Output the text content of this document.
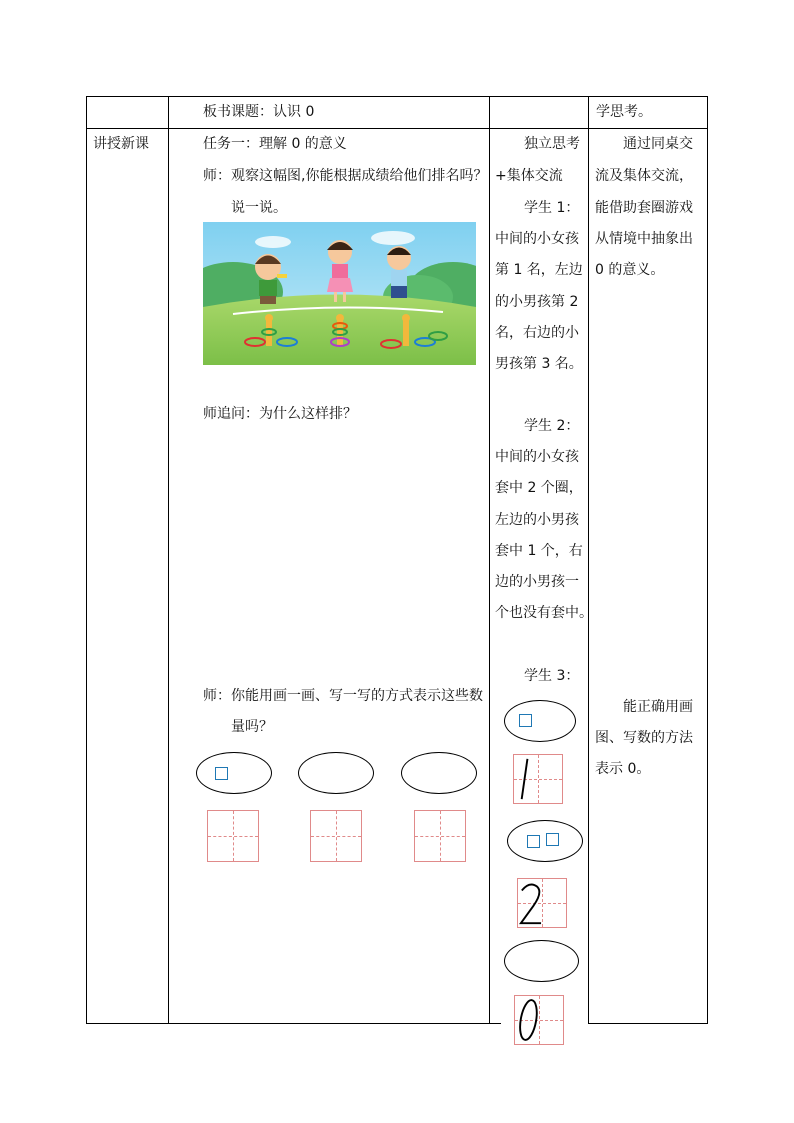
板书课题：认识 0	学思考。
讲授新课	任务一：理解 0 的意义
师：观察这幅图,你能根据成绩给他们排名吗？
说一说。
师追问：为什么这样排？
师：你能用画一画、写一写的方式表示这些数
量吗？
独立思考
+集体交流
学生 1：
中间的小女孩
第 1 名，左边
的小男孩第 2
名，右边的小
男孩第 3 名。
学生 2：
中间的小女孩
套中 2 个圈，
左边的小男孩
套中 1 个，右
边的小男孩一
个也没有套中。
学生 3：
通过同桌交
流及集体交流，
能借助套圈游戏
从情境中抽象出
0 的意义。
能正确用画
图、写数的方法
表示 0。
